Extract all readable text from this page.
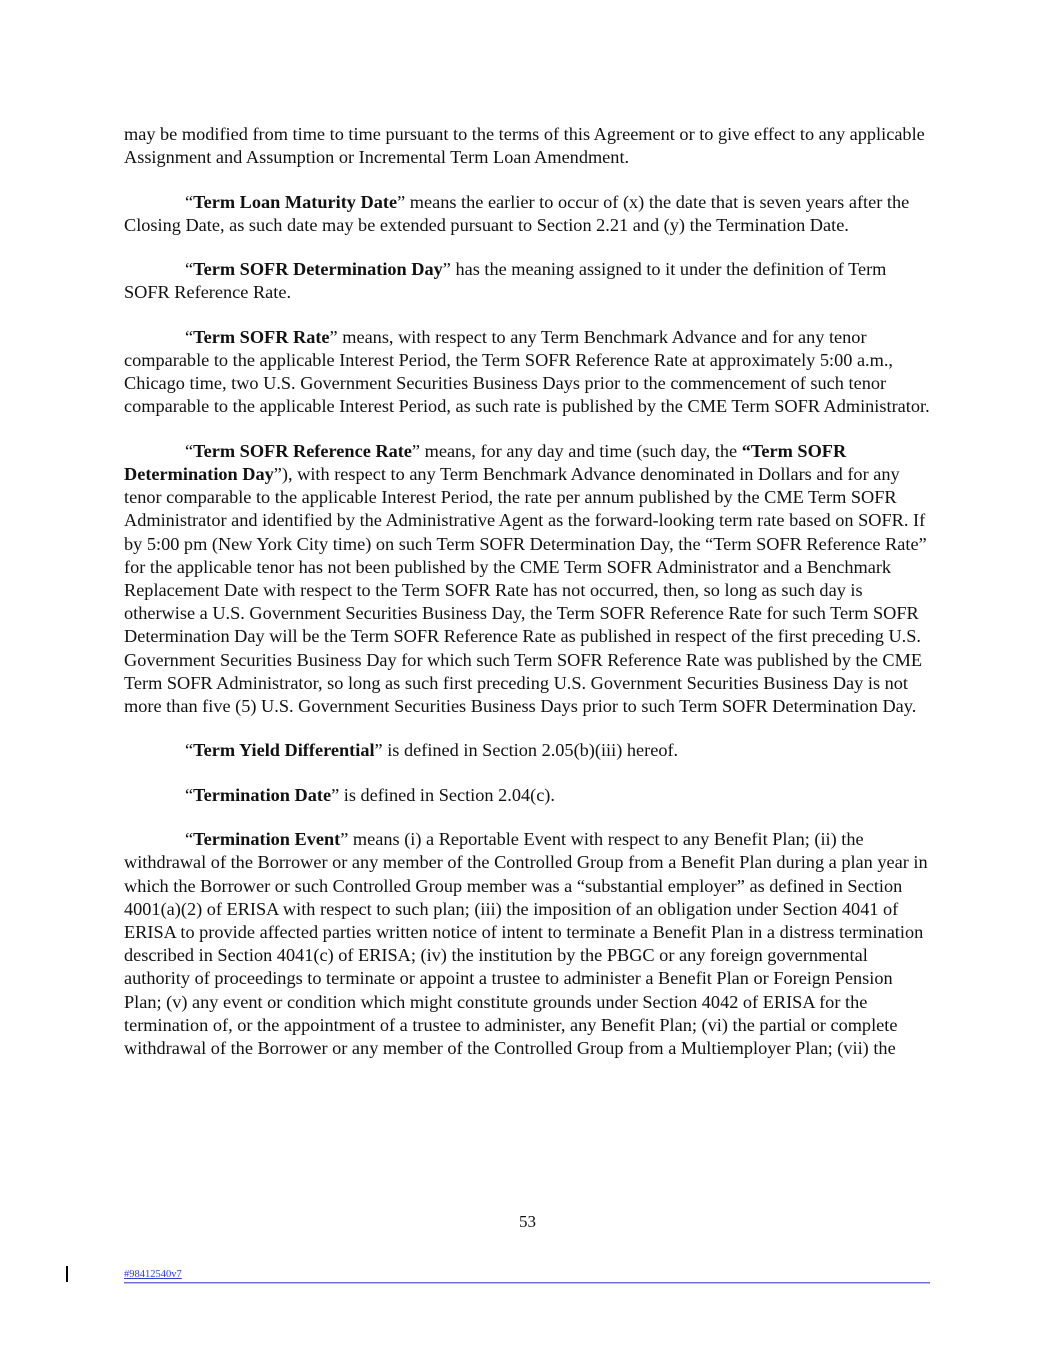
may be modified from time to time pursuant to the terms of this Agreement or to give effect to any applicable Assignment and Assumption or Incremental Term Loan Amendment.

“Term Loan Maturity Date” means the earlier to occur of (x) the date that is seven years after the Closing Date, as such date may be extended pursuant to Section 2.21 and (y) the Termination Date.

“Term SOFR Determination Day” has the meaning assigned to it under the definition of Term SOFR Reference Rate.

“Term SOFR Rate” means, with respect to any Term Benchmark Advance and for any tenor comparable to the applicable Interest Period, the Term SOFR Reference Rate at approximately 5:00 a.m., Chicago time, two U.S. Government Securities Business Days prior to the commencement of such tenor comparable to the applicable Interest Period, as such rate is published by the CME Term SOFR Administrator.

“Term SOFR Reference Rate” means, for any day and time (such day, the “Term SOFR Determination Day”), with respect to any Term Benchmark Advance denominated in Dollars and for any tenor comparable to the applicable Interest Period, the rate per annum published by the CME Term SOFR Administrator and identified by the Administrative Agent as the forward-looking term rate based on SOFR. If by 5:00 pm (New York City time) on such Term SOFR Determination Day, the “Term SOFR Reference Rate” for the applicable tenor has not been published by the CME Term SOFR Administrator and a Benchmark Replacement Date with respect to the Term SOFR Rate has not occurred, then, so long as such day is otherwise a U.S. Government Securities Business Day, the Term SOFR Reference Rate for such Term SOFR Determination Day will be the Term SOFR Reference Rate as published in respect of the first preceding U.S. Government Securities Business Day for which such Term SOFR Reference Rate was published by the CME Term SOFR Administrator, so long as such first preceding U.S. Government Securities Business Day is not more than five (5) U.S. Government Securities Business Days prior to such Term SOFR Determination Day.

“Term Yield Differential” is defined in Section 2.05(b)(iii) hereof.

“Termination Date” is defined in Section 2.04(c).

“Termination Event” means (i) a Reportable Event with respect to any Benefit Plan; (ii) the withdrawal of the Borrower or any member of the Controlled Group from a Benefit Plan during a plan year in which the Borrower or such Controlled Group member was a “substantial employer” as defined in Section 4001(a)(2) of ERISA with respect to such plan; (iii) the imposition of an obligation under Section 4041 of ERISA to provide affected parties written notice of intent to terminate a Benefit Plan in a distress termination described in Section 4041(c) of ERISA; (iv) the institution by the PBGC or any foreign governmental authority of proceedings to terminate or appoint a trustee to administer a Benefit Plan or Foreign Pension Plan; (v) any event or condition which might constitute grounds under Section 4042 of ERISA for the termination of, or the appointment of a trustee to administer, any Benefit Plan; (vi) the partial or complete withdrawal of the Borrower or any member of the Controlled Group from a Multiemployer Plan; (vii) the

53
#98412540v7
